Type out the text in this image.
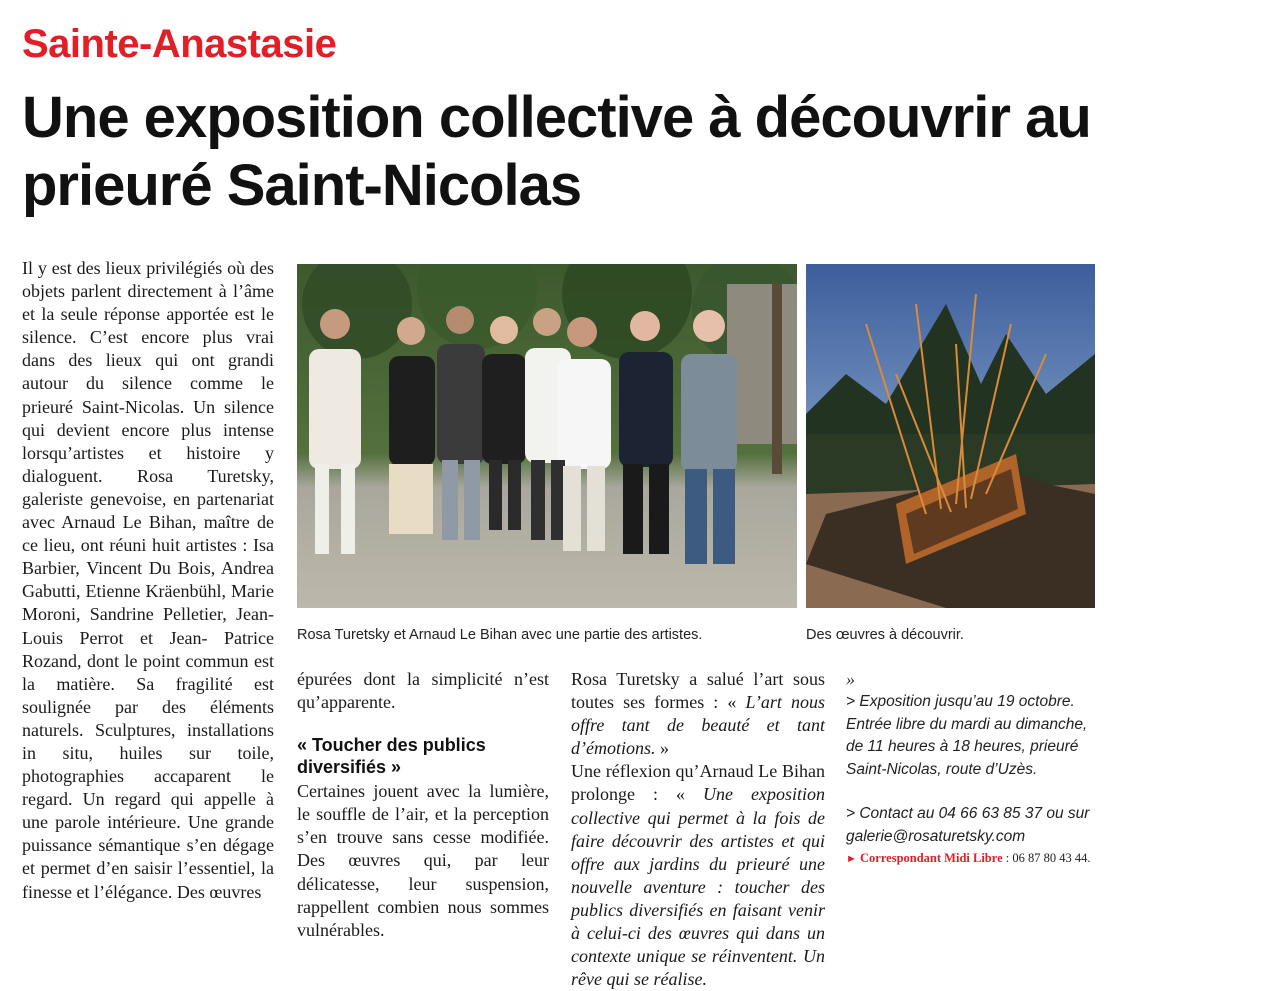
Sainte-Anastasie
Une exposition collective à découvrir au prieuré Saint-Nicolas

Il y est des lieux privilégiés où des objets parlent directement à l’âme et la seule réponse apportée est le silence. C’est encore plus vrai dans des lieux qui ont grandi autour du silence comme le prieuré Saint-Nicolas. Un silence qui devient encore plus intense lorsqu’artistes et histoire y dialoguent. Rosa Turetsky, galeriste genevoise, en partenariat avec Arnaud Le Bihan, maître de ce lieu, ont réuni huit artistes : Isa Barbier, Vincent Du Bois, Andrea Gabutti, Etienne Kräenbühl, Marie Moroni, Sandrine Pelletier, Jean-Louis Perrot et Jean- Patrice Rozand, dont le point commun est la matière. Sa fragilité est soulignée par des éléments naturels. Sculptures, installations in situ, huiles sur toile, photographies accaparent le regard. Un regard qui appelle à une parole intérieure. Une grande puissance sémantique s’en dégage et permet d’en saisir l’essentiel, la finesse et l’élégance. Des œuvres

Rosa Turetsky et Arnaud Le Bihan avec une partie des artistes.	Des œuvres à découvrir.

épurées dont la simplicité n’est qu’apparente.

« Toucher des publics diversifiés »

Certaines jouent avec la lumière, le souffle de l’air, et la perception s’en trouve sans cesse modifiée. Des œuvres qui, par leur délicatesse, leur suspension, rappellent combien nous sommes vulnérables.

Rosa Turetsky a salué l’art sous toutes ses formes : « L’art nous offre tant de beauté et tant d’émotions. »

Une réflexion qu’Arnaud Le Bihan prolonge : « Une exposition collective qui permet à la fois de faire découvrir des artistes et qui offre aux jardins du prieuré une nouvelle aventure : toucher des publics diversifiés en faisant venir à celui-ci des œuvres qui dans un contexte unique se réinventent. Un rêve qui se réalise.

»

> Exposition jusqu’au 19 octobre. Entrée libre du mardi au dimanche, de 11 heures à 18 heures, prieuré Saint-Nicolas, route d’Uzès.

> Contact au 04 66 63 85 37 ou sur galerie@rosaturetsky.com

► Correspondant Midi Libre : 06 87 80 43 44.
